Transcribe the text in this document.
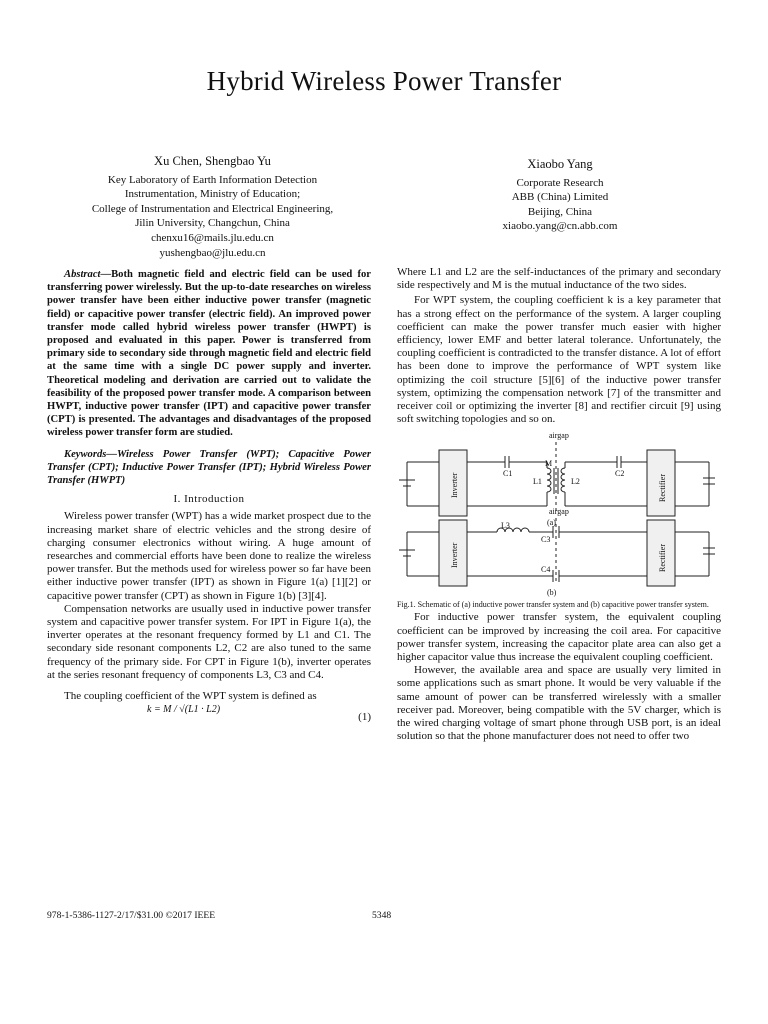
Hybrid Wireless Power Transfer
Xu Chen, Shengbao Yu
Key Laboratory of Earth Information Detection
Instrumentation, Ministry of Education;
College of Instrumentation and Electrical Engineering,
Jilin University, Changchun, China
chenxu16@mails.jlu.edu.cn
yushengbao@jlu.edu.cn
Xiaobo Yang
Corporate Research
ABB (China) Limited
Beijing, China
xiaobo.yang@cn.abb.com

Abstract—Both magnetic field and electric field can be used for transferring power wirelessly. But the up-to-date researches on wireless power transfer have been either inductive power transfer (magnetic field) or capacitive power transfer (electric field). An improved power transfer mode called hybrid wireless power transfer (HWPT) is proposed and evaluated in this paper. Power is transferred from primary side to secondary side through magnetic field and electric field at the same time with a single DC power supply and inverter. Theoretical modeling and derivation are carried out to validate the feasibility of the proposed power transfer mode. A comparison between HWPT, inductive power transfer (IPT) and capacitive power transfer (CPT) is presented. The advantages and disadvantages of the proposed wireless power transfer form are studied.

Keywords—Wireless Power Transfer (WPT); Capacitive Power Transfer (CPT); Inductive Power Transfer (IPT); Hybrid Wireless Power Transfer (HWPT)

I. Introduction

Wireless power transfer (WPT) has a wide market prospect due to the increasing market share of electric vehicles and the strong desire of charging consumer electronics without wiring. A huge amount of researches and commercial efforts have been done to realize the wireless power transfer. But the methods used for wireless power so far have been either inductive power transfer (IPT) as shown in Figure 1(a) [1][2] or capacitive power transfer (CPT) as shown in Figure 1(b) [3][4].

Compensation networks are usually used in inductive power transfer system and capacitive power transfer system. For IPT in Figure 1(a), the inverter operates at the resonant frequency formed by L1 and C1. The secondary side resonant components L2, C2 are also tuned to the same frequency of the primary side. For CPT in Figure 1(b), inverter operates at the series resonant frequency of components L3, C3 and C4.

The coupling coefficient of the WPT system is defined as

k = M / √(L1 · L2)
(1)

Where L1 and L2 are the self-inductances of the primary and secondary side respectively and M is the mutual inductance of the two sides.

For WPT system, the coupling coefficient k is a key parameter that has a strong effect on the performance of the system. A larger coupling coefficient can make the power transfer much easier with higher efficiency, lower EMF and better lateral tolerance. Unfortunately, the coupling coefficient is contradicted to the transfer distance. A lot of effort has been done to improve the performance of WPT system like optimizing the coil structure [5][6] of the inductive power transfer system, optimizing the compensation network [7] of the transmitter and receiver coil or optimizing the inverter [8] and rectifier circuit [9] using soft switching topologies and so on.

airgap
C1	C2
L1	L2
M
Inverter	Rectifier
(a)
airgap
L3
C3
C4
Inverter	Rectifier
(b)

Fig.1. Schematic of (a) inductive power transfer system and (b) capacitive power transfer system.

For inductive power transfer system, the equivalent coupling coefficient can be improved by increasing the coil area. For capacitive power transfer system, increasing the capacitor plate area can also get a higher capacitor value thus increase the equivalent coupling coefficient.

However, the available area and space are usually very limited in some applications such as smart phone. It would be very valuable if the same amount of power can be transferred wirelessly with a smaller receiver pad. Moreover, being compatible with the 5V charger, which is the wired charging voltage of smart phone through USB port, is an ideal solution so that the phone manufacturer does not need to offer two

978-1-5386-1127-2/17/$31.00 ©2017 IEEE	5348
